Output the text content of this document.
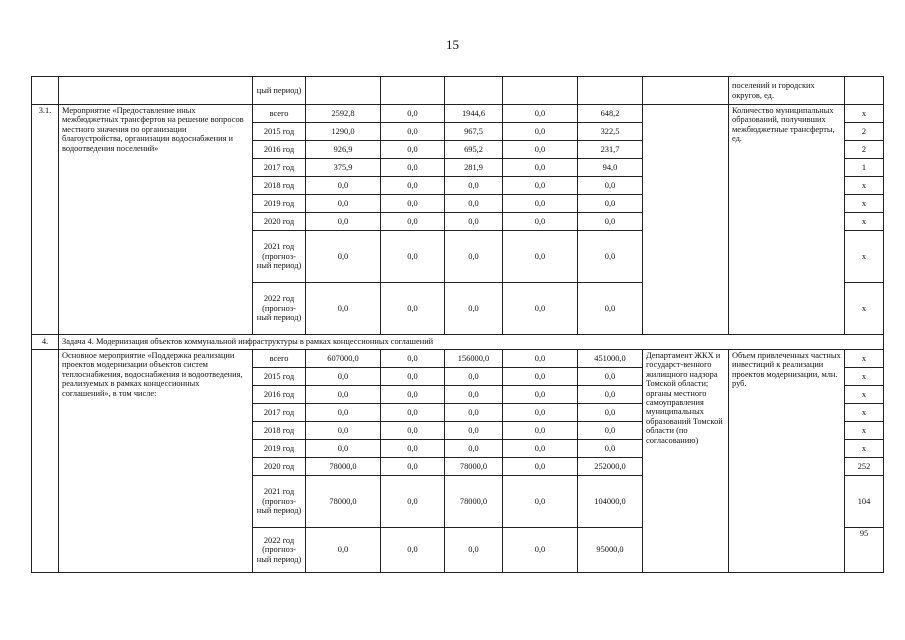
15
		цый период)							поселений и городских округов, ед.	
3.1.	Мероприятие «Предоставление иных межбюджетных трансфертов на решение вопросов местного значения по организации благоустройства, организации водоснабжения и водоотведения поселений»	всего	2592,8	0,0	1944,6	0,0	648,2		Количество муниципальных образований, получивших межбюджетные трансферты, ед.	х
		2015 год	1290,0	0,0	967,5	0,0	322,5			2
		2016 год	926,9	0,0	695,2	0,0	231,7			2
		2017 год	375,9	0,0	281,9	0,0	94,0			1
		2018 год	0,0	0,0	0,0	0,0	0,0			х
		2019 год	0,0	0,0	0,0	0,0	0,0			х
		2020 год	0,0	0,0	0,0	0,0	0,0			х
		2021 год (прогноз-ный период)	0,0	0,0	0,0	0,0	0,0			х
		2022 год (прогноз-ный период)	0,0	0,0	0,0	0,0	0,0			х
4.	Задача 4. Модернизация объектов коммунальной инфраструктуры в рамках концессионных соглашений									
	Основное мероприятие «Поддержка реализации проектов модернизации объектов систем теплоснабжения, водоснабжения и водоотведения, реализуемых в рамках концессионных соглашений», в том числе:	всего	607000,0	0,0	156000,0	0,0	451000,0	Департамент ЖКХ и государст-венного жилищного надзора Томской области; органы местного самоуправления муниципальных образований Томской области (по согласованию)	Объем привлеченных частных инвестиций к реализации проектов модернизации, млн. руб.	х
		2015 год	0,0	0,0	0,0	0,0	0,0			х
		2016 год	0,0	0,0	0,0	0,0	0,0			х
		2017 год	0,0	0,0	0,0	0,0	0,0			х
		2018 год	0,0	0,0	0,0	0,0	0,0			х
		2019 год	0,0	0,0	0,0	0,0	0,0			х
		2020 год	78000,0	0,0	78000,0	0,0	252000,0			252
		2021 год (прогноз-ный период)	78000,0	0,0	78000,0	0,0	104000,0			104
		2022 год (прогноз-ный период)	0,0	0,0	0,0	0,0	95000,0			95
